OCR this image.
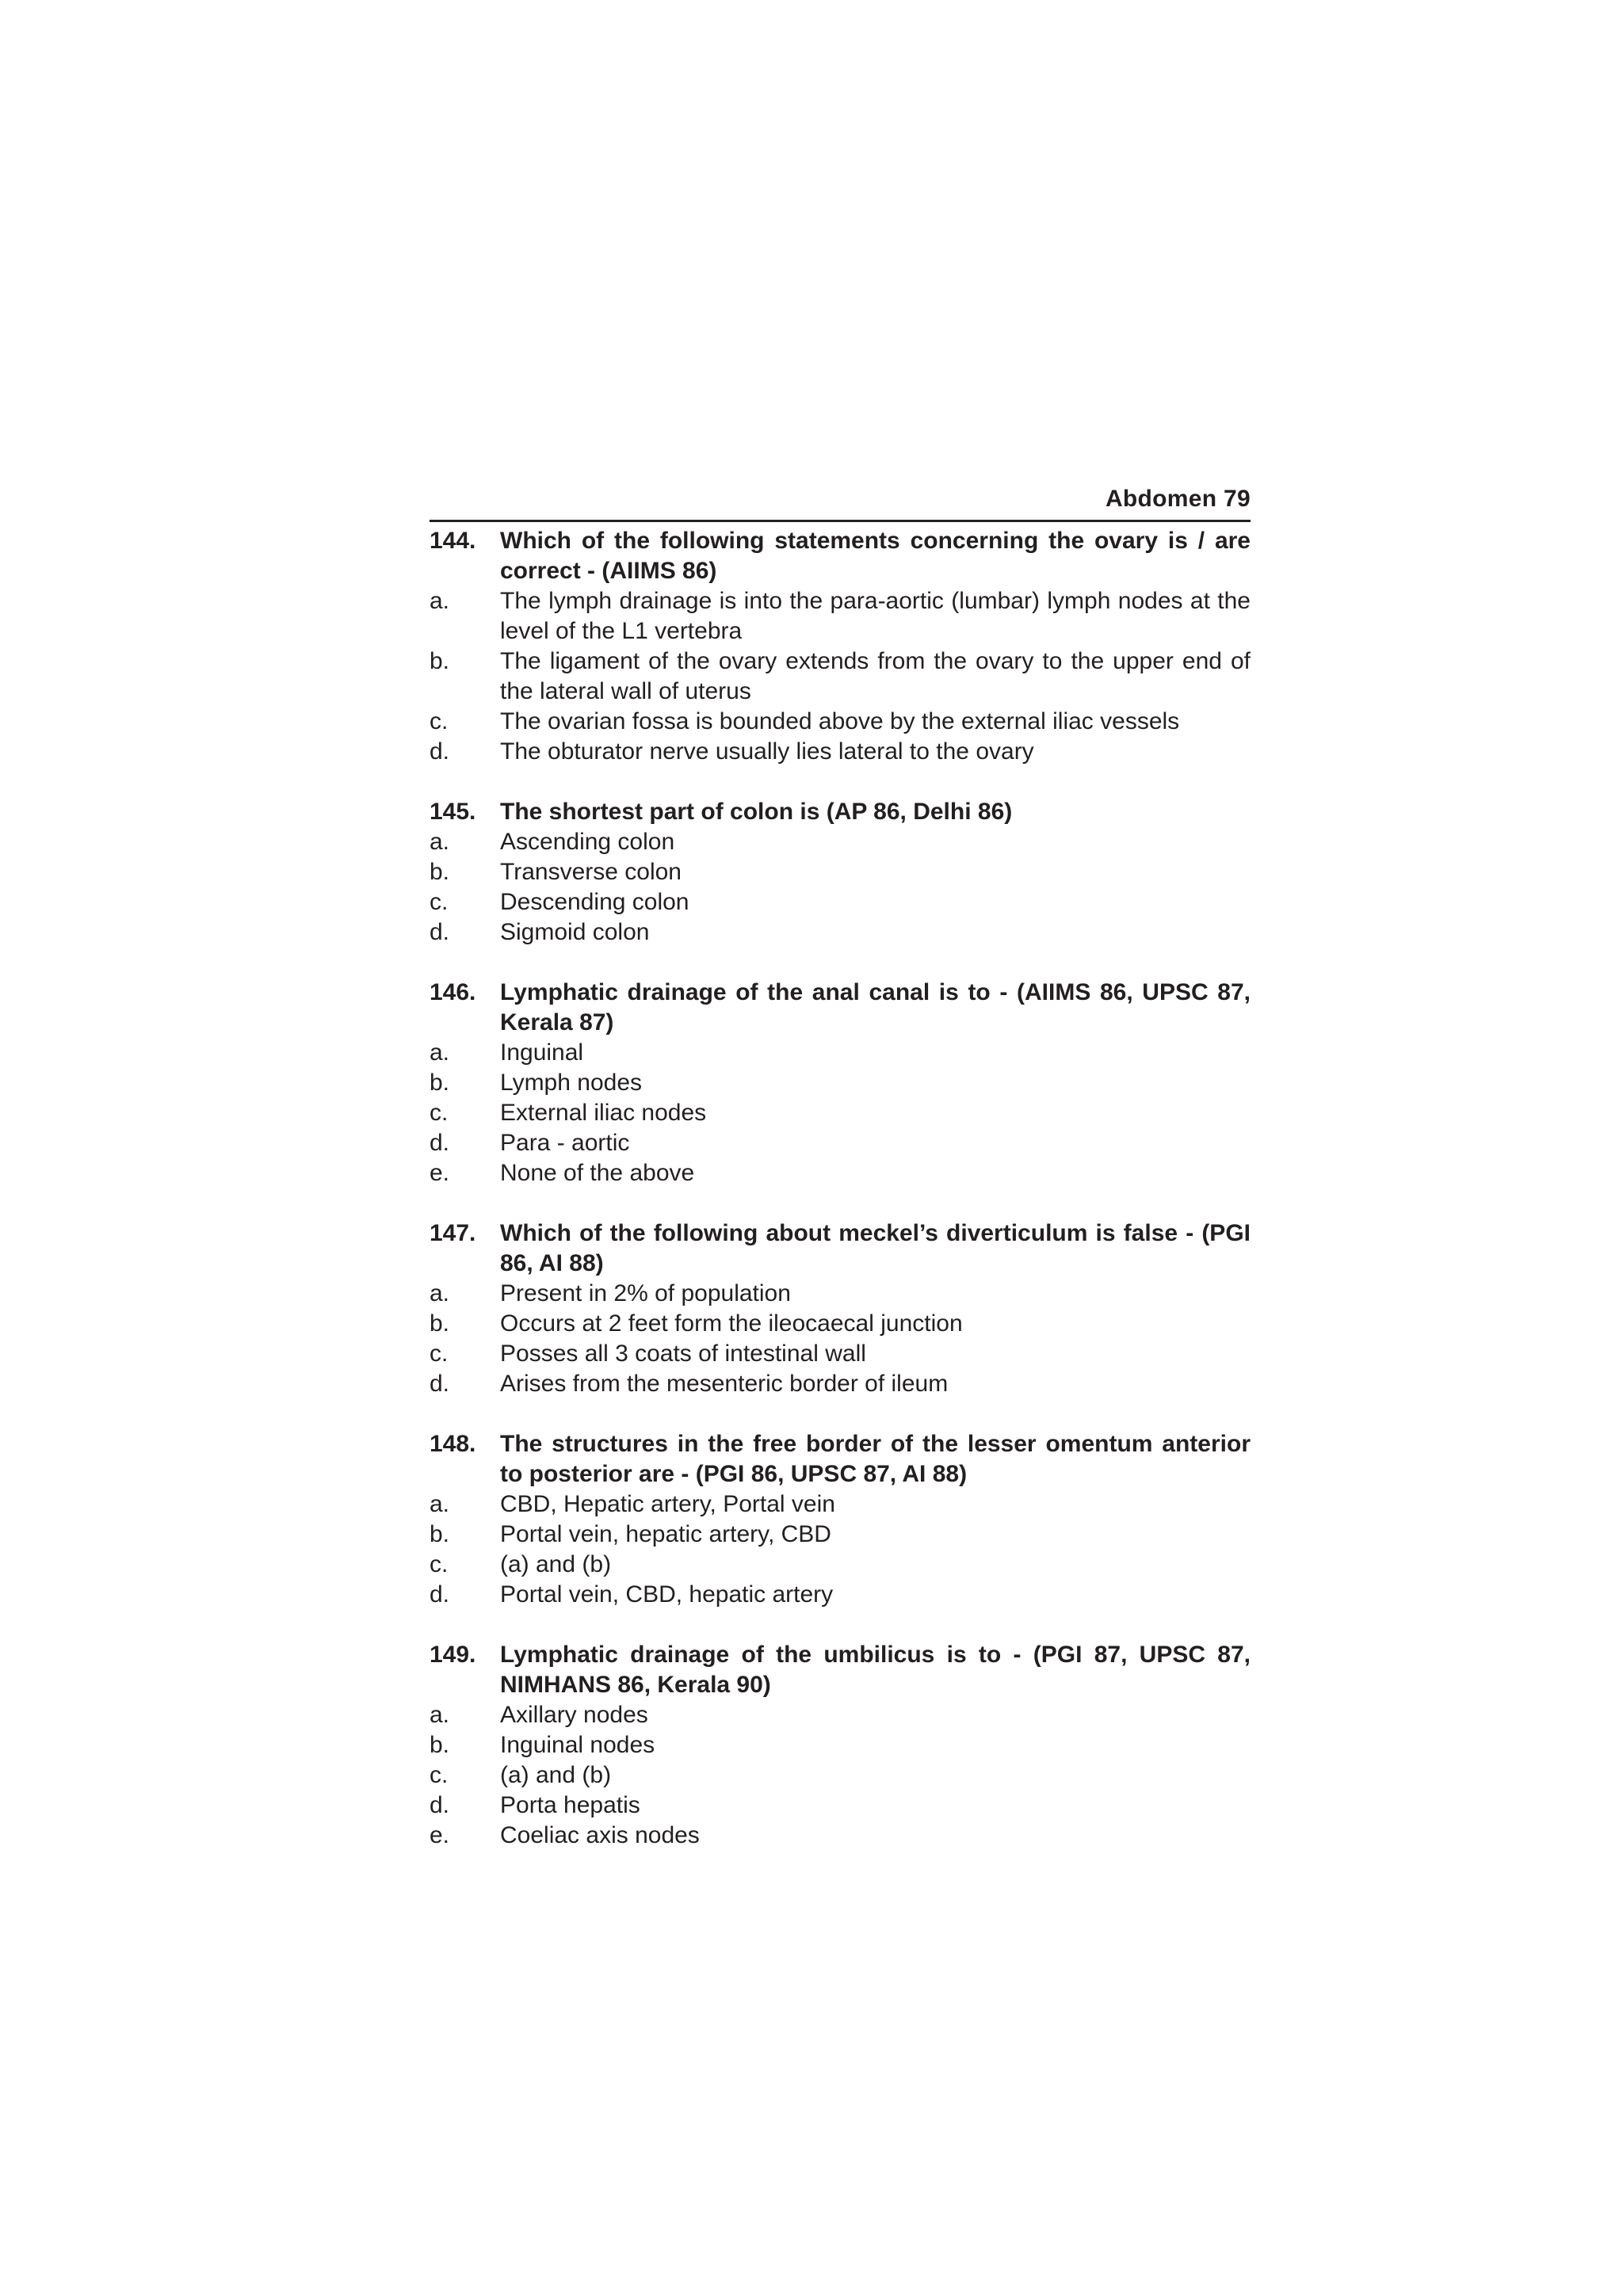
Abdomen 79
144.	Which of the following statements concerning the ovary is / are correct - (AIIMS 86)
a.	The lymph drainage is into the para-aortic (lumbar) lymph nodes at the level of the L1 vertebra
b.	The ligament of the ovary extends from the ovary to the upper end of the lateral wall of uterus
c.	The ovarian fossa is bounded above by the external iliac vessels
d.	The obturator nerve usually lies lateral to the ovary
145.	The shortest part of colon is (AP 86, Delhi 86)
a.	Ascending colon
b.	Transverse colon
c.	Descending colon
d.	Sigmoid colon
146.	Lymphatic drainage of the anal canal is to - (AIIMS 86, UPSC 87, Kerala 87)
a.	Inguinal
b.	Lymph nodes
c.	External iliac nodes
d.	Para - aortic
e.	None of the above
147.	Which of the following about meckel’s diverticulum is false - (PGI 86, AI 88)
a.	Present in 2% of population
b.	Occurs at 2 feet form the ileocaecal junction
c.	Posses all 3 coats of intestinal wall
d.	Arises from the mesenteric border of ileum
148.	The structures in the free border of the lesser omentum anterior to posterior are - (PGI 86, UPSC 87, AI 88)
a.	CBD, Hepatic artery, Portal vein
b.	Portal vein, hepatic artery, CBD
c.	(a) and (b)
d.	Portal vein, CBD, hepatic artery
149.	Lymphatic drainage of the umbilicus is to - (PGI 87, UPSC 87, NIMHANS 86, Kerala 90)
a.	Axillary nodes
b.	Inguinal nodes
c.	(a) and (b)
d.	Porta hepatis
e.	Coeliac axis nodes
